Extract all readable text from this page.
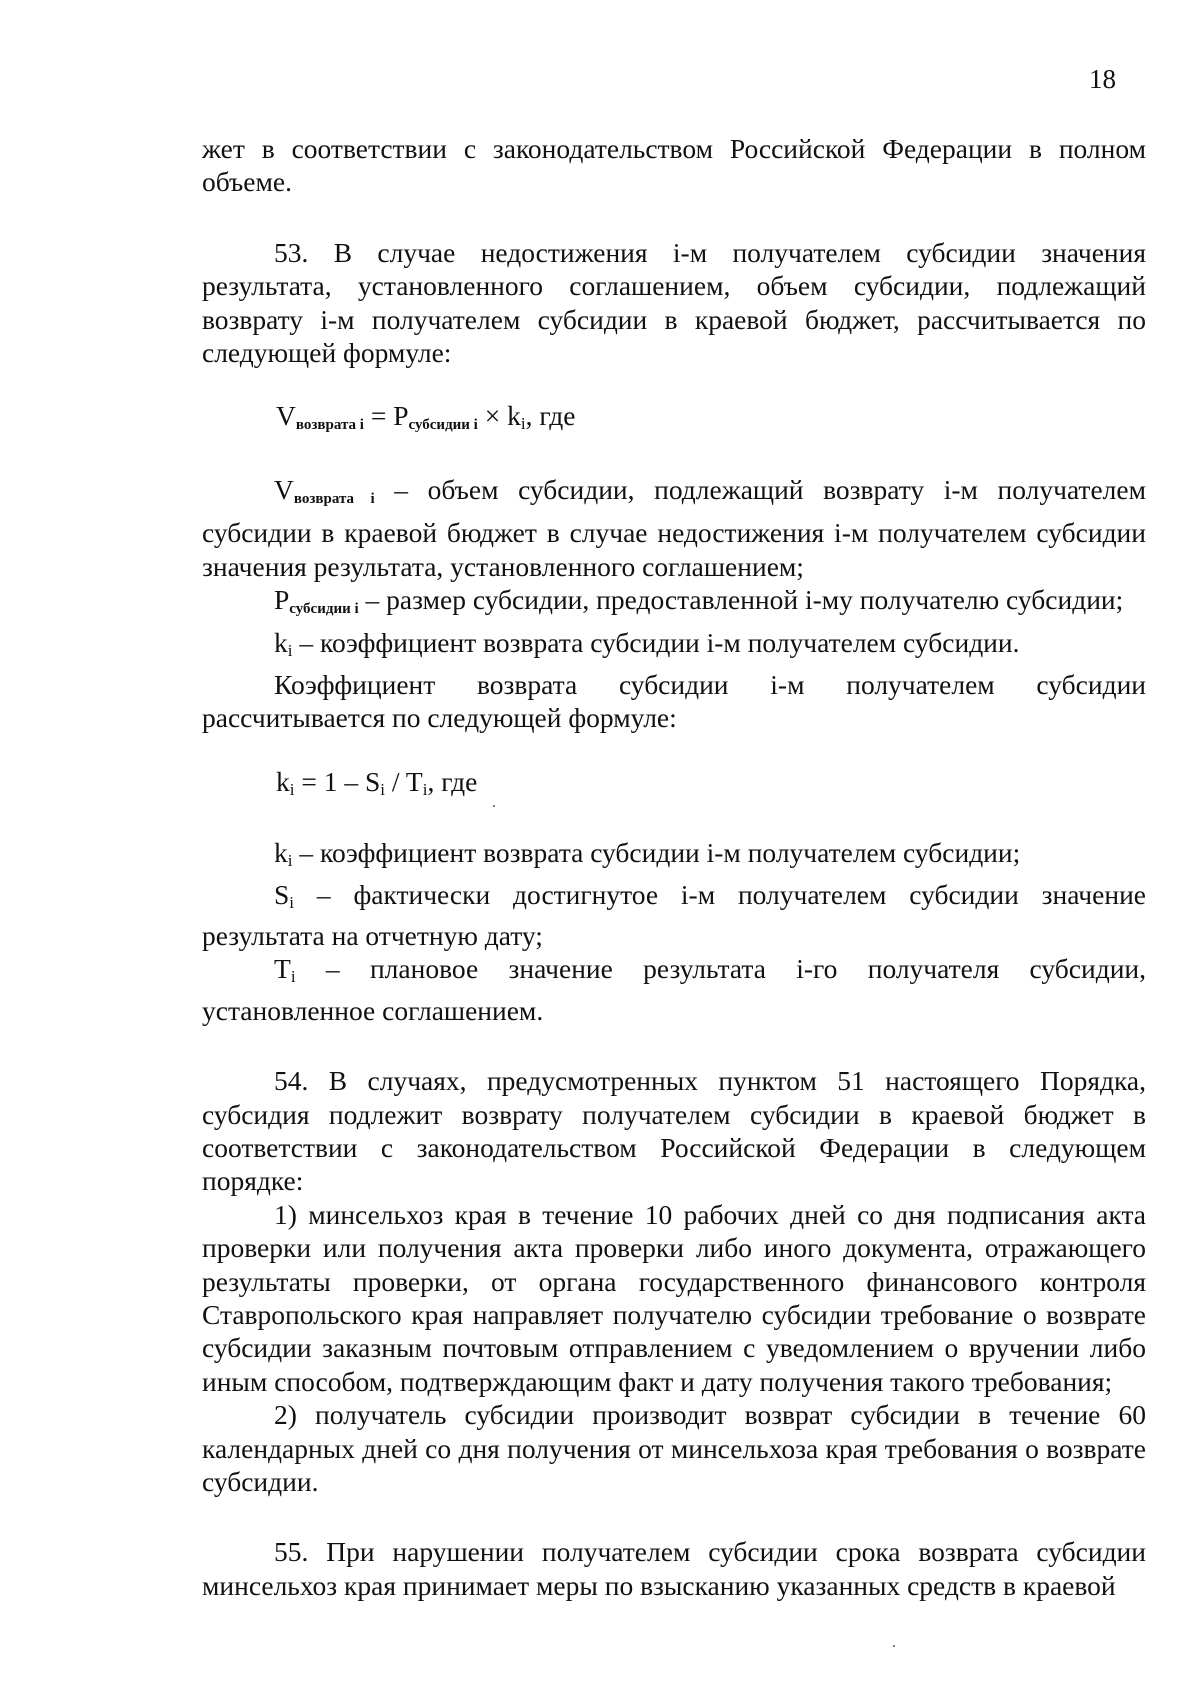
18

жет в соответствии с законодательством Российской Федерации в полном объеме.

53. В случае недостижения i-м получателем субсидии значения результата, установленного соглашением, объем субсидии, подлежащий возврату i-м получателем субсидии в краевой бюджет, рассчитывается по следующей формуле:

$V_{возврата i} = P_{субсидии i}$ × ki, где

$V_{возврата i}$ – объем субсидии, подлежащий возврату i-м получателем субсидии в краевой бюджет в случае недостижения i-м получателем субсидии значения результата, установленного соглашением;

$P_{субсидии i}$ – размер субсидии, предоставленной i-му получателю субсидии;

ki – коэффициент возврата субсидии i-м получателем субсидии.

Коэффициент возврата субсидии i-м получателем субсидии рассчитывается по следующей формуле:

ki = 1 – Si / Ti, где

ki – коэффициент возврата субсидии i-м получателем субсидии;

Si – фактически достигнутое i-м получателем субсидии значение результата на отчетную дату;

Ti – плановое значение результата i-го получателя субсидии, установленное соглашением.

54. В случаях, предусмотренных пунктом 51 настоящего Порядка, субсидия подлежит возврату получателем субсидии в краевой бюджет в соответствии с законодательством Российской Федерации в следующем порядке:

1) минсельхоз края в течение 10 рабочих дней со дня подписания акта проверки или получения акта проверки либо иного документа, отражающего результаты проверки, от органа государственного финансового контроля Ставропольского края направляет получателю субсидии требование о возврате субсидии заказным почтовым отправлением с уведомлением о вручении либо иным способом, подтверждающим факт и дату получения такого требования;

2) получатель субсидии производит возврат субсидии в течение 60 календарных дней со дня получения от минсельхоза края требования о возврате субсидии.

55. При нарушении получателем субсидии срока возврата субсидии минсельхоз края принимает меры по взысканию указанных средств в краевой
